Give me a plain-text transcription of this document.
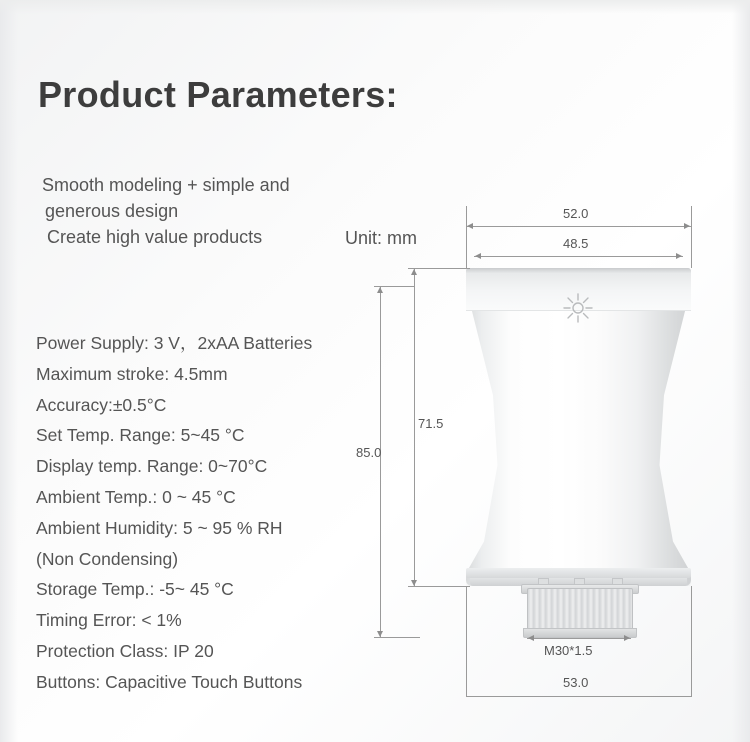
Product Parameters:
Smooth modeling + simple and
generous design
Create high value products	Unit: mm
Power Supply: 3 V，2xAA Batteries
Maximum stroke: 4.5mm
Accuracy:±0.5°C
Set Temp. Range: 5~45 °C
Display temp. Range: 0~70°C
Ambient Temp.: 0 ~ 45 °C
Ambient Humidity: 5 ~ 95 % RH
(Non Condensing)
Storage Temp.: -5~ 45 °C
Timing Error: < 1%
Protection Class: IP 20
Buttons: Capacitive Touch Buttons
52.0
48.5
71.5
85.0
M30*1.5
53.0
